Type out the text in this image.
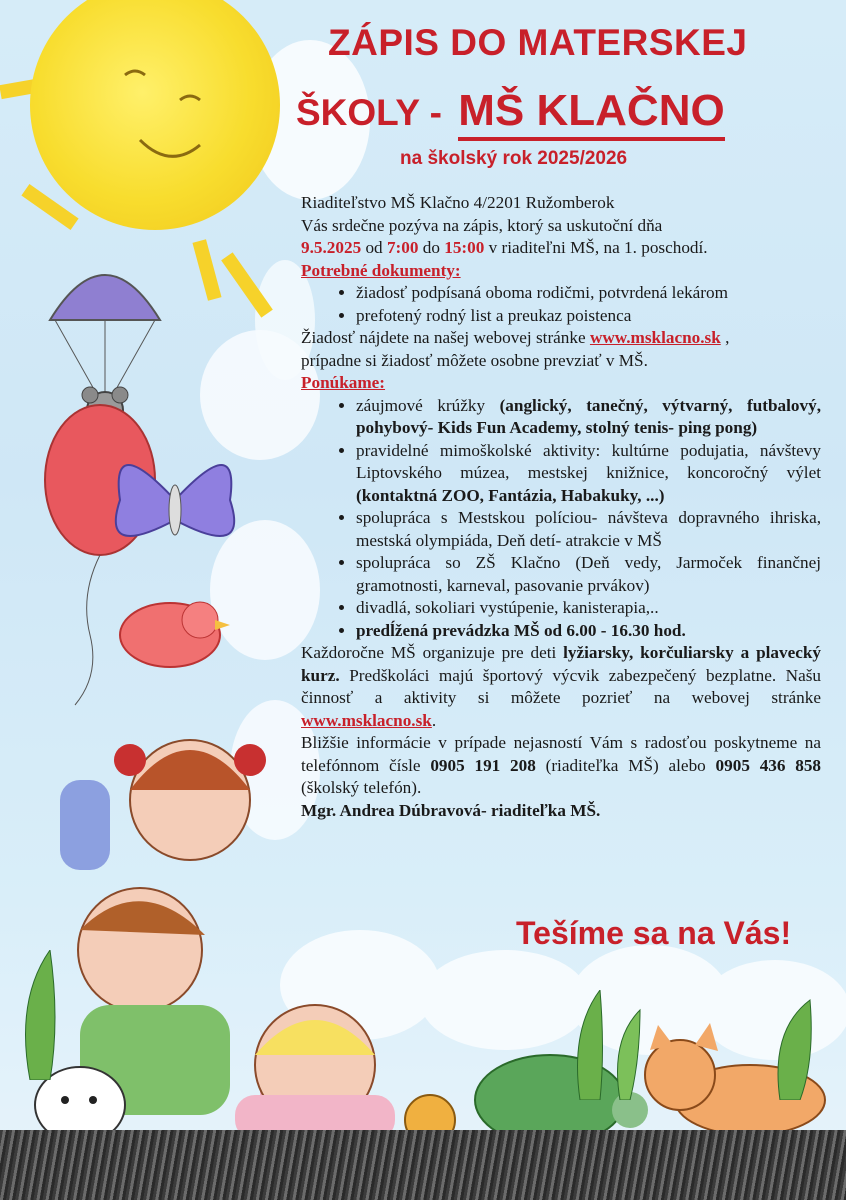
ZÁPIS DO MATERSKEJ
ŠKOLY - MŠ KLAČNO
na školský rok 2025/2026

Riaditeľstvo MŠ Klačno 4/2201 Ružomberok

Vás srdečne pozýva na zápis, ktorý sa uskutoční dňa

9.5.2025 od 7:00 do 15:00 v riaditeľni MŠ, na 1. poschodí.

Potrebné dokumenty:

• žiadosť podpísaná oboma rodičmi, potvrdená lekárom
• prefotený rodný list a preukaz poistenca

Žiadosť nájdete na našej webovej stránke www.msklacno.sk ,

prípadne si žiadosť môžete osobne prevziať v MŠ.

Ponúkame:

• záujmové krúžky (anglický, tanečný, výtvarný, futbalový, pohybový- Kids Fun Academy, stolný tenis- ping pong)
• pravidelné mimoškolské aktivity: kultúrne podujatia, návštevy Liptovského múzea, mestskej knižnice, koncoročný výlet (kontaktná ZOO, Fantázia, Habakuky, ...)
• spolupráca s Mestskou políciou- návšteva dopravného ihriska, mestská olympiáda, Deň detí- atrakcie v MŠ
• spolupráca so ZŠ Klačno (Deň vedy, Jarmoček finančnej gramotnosti, karneval, pasovanie prvákov)
• divadlá, sokoliari vystúpenie, kanisterapia,..
• predĺžená prevádzka MŠ od 6.00 - 16.30 hod.

Každoročne MŠ organizuje pre deti lyžiarsky, korčuliarsky a plavecký kurz. Predškoláci majú športový výcvik zabezpečený bezplatne. Našu činnosť a aktivity si môžete pozrieť na webovej stránke www.msklacno.sk.

Bližšie informácie v prípade nejasností Vám s radosťou poskytneme na telefónnom čísle 0905 191 208 (riaditeľka MŠ) alebo 0905 436 858 (školský telefón).

Mgr. Andrea Dúbravová- riaditeľka MŠ.

Tešíme sa na Vás!
